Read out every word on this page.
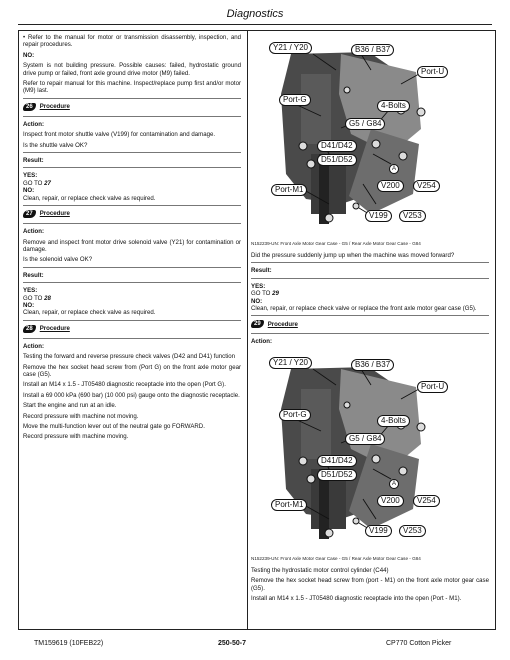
Diagnostics
• Refer to the manual for motor or transmission disassembly, inspection, and repair procedures.
NO:
System is not building pressure. Possible causes: failed, hydrostatic ground drive pump or failed, front axle ground drive motor (M9) failed.
Refer to repair manual for this machine. Inspect/replace pump first and/or motor (M9) last.
26	Procedure
Action:
Inspect front motor shuttle valve (V199) for contamination and damage.
Is the shuttle valve OK?
Result:
YES:
GO TO 27
NO:
Clean, repair, or replace check valve as required.
27	Procedure
Action:
Remove and inspect front motor drive solenoid valve (Y21) for contamination or damage.
Is the solenoid valve OK?
Result:
YES:
GO TO 28
NO:
Clean, repair, or replace check valve as required.
28	Procedure
Action:
Testing the forward and reverse pressure check valves (D42 and D41) function
Remove the hex socket head screw from (Port G) on the front axle motor gear case (G5).
Install an M14 x 1.5 - JT05480 diagnostic receptacle into the open (Port G).
Install a 69 000 kPa (690 bar) (10 000 psi) gauge onto the diagnostic receptacle.
Start the engine and run at an idle.
Record pressure with machine not moving.
Move the multi-function lever out of the neutral gate go FORWARD.
Record pressure with machine moving.
Y21 / Y20	B36 / B37
Port-U
Port-G
4-Bolts
G5 / G84
D41/D42
D51/D52
A
V200	V254
Port-M1
V199	V253
N152239-UN: Front Axle Motor Gear Case - G5 / Rear Axle Motor Gear Case - G84
Did the pressure suddenly jump up when the machine was moved forward?
Result:
YES:
GO TO 29
NO:
Clean, repair, or replace check valve or replace the front axle motor gear case (G5).
29	Procedure
Action:
Y21 / Y20	B36 / B37
Port-U
Port-G
4-Bolts
G5 / G84
D41/D42
D51/D52
A
V200	V254
Port-M1
V199	V253
N152239-UN: Front Axle Motor Gear Case - G5 / Rear Axle Motor Gear Case - G84
Testing the hydrostatic motor control cylinder (C44)
Remove the hex socket head screw from (port - M1) on the front axle motor gear case (G5).
Install an M14 x 1.5 - JT05480 diagnostic receptacle into the open (Port - M1).
TM159619 (10FEB22)	250-50-7	CP770 Cotton Picker
